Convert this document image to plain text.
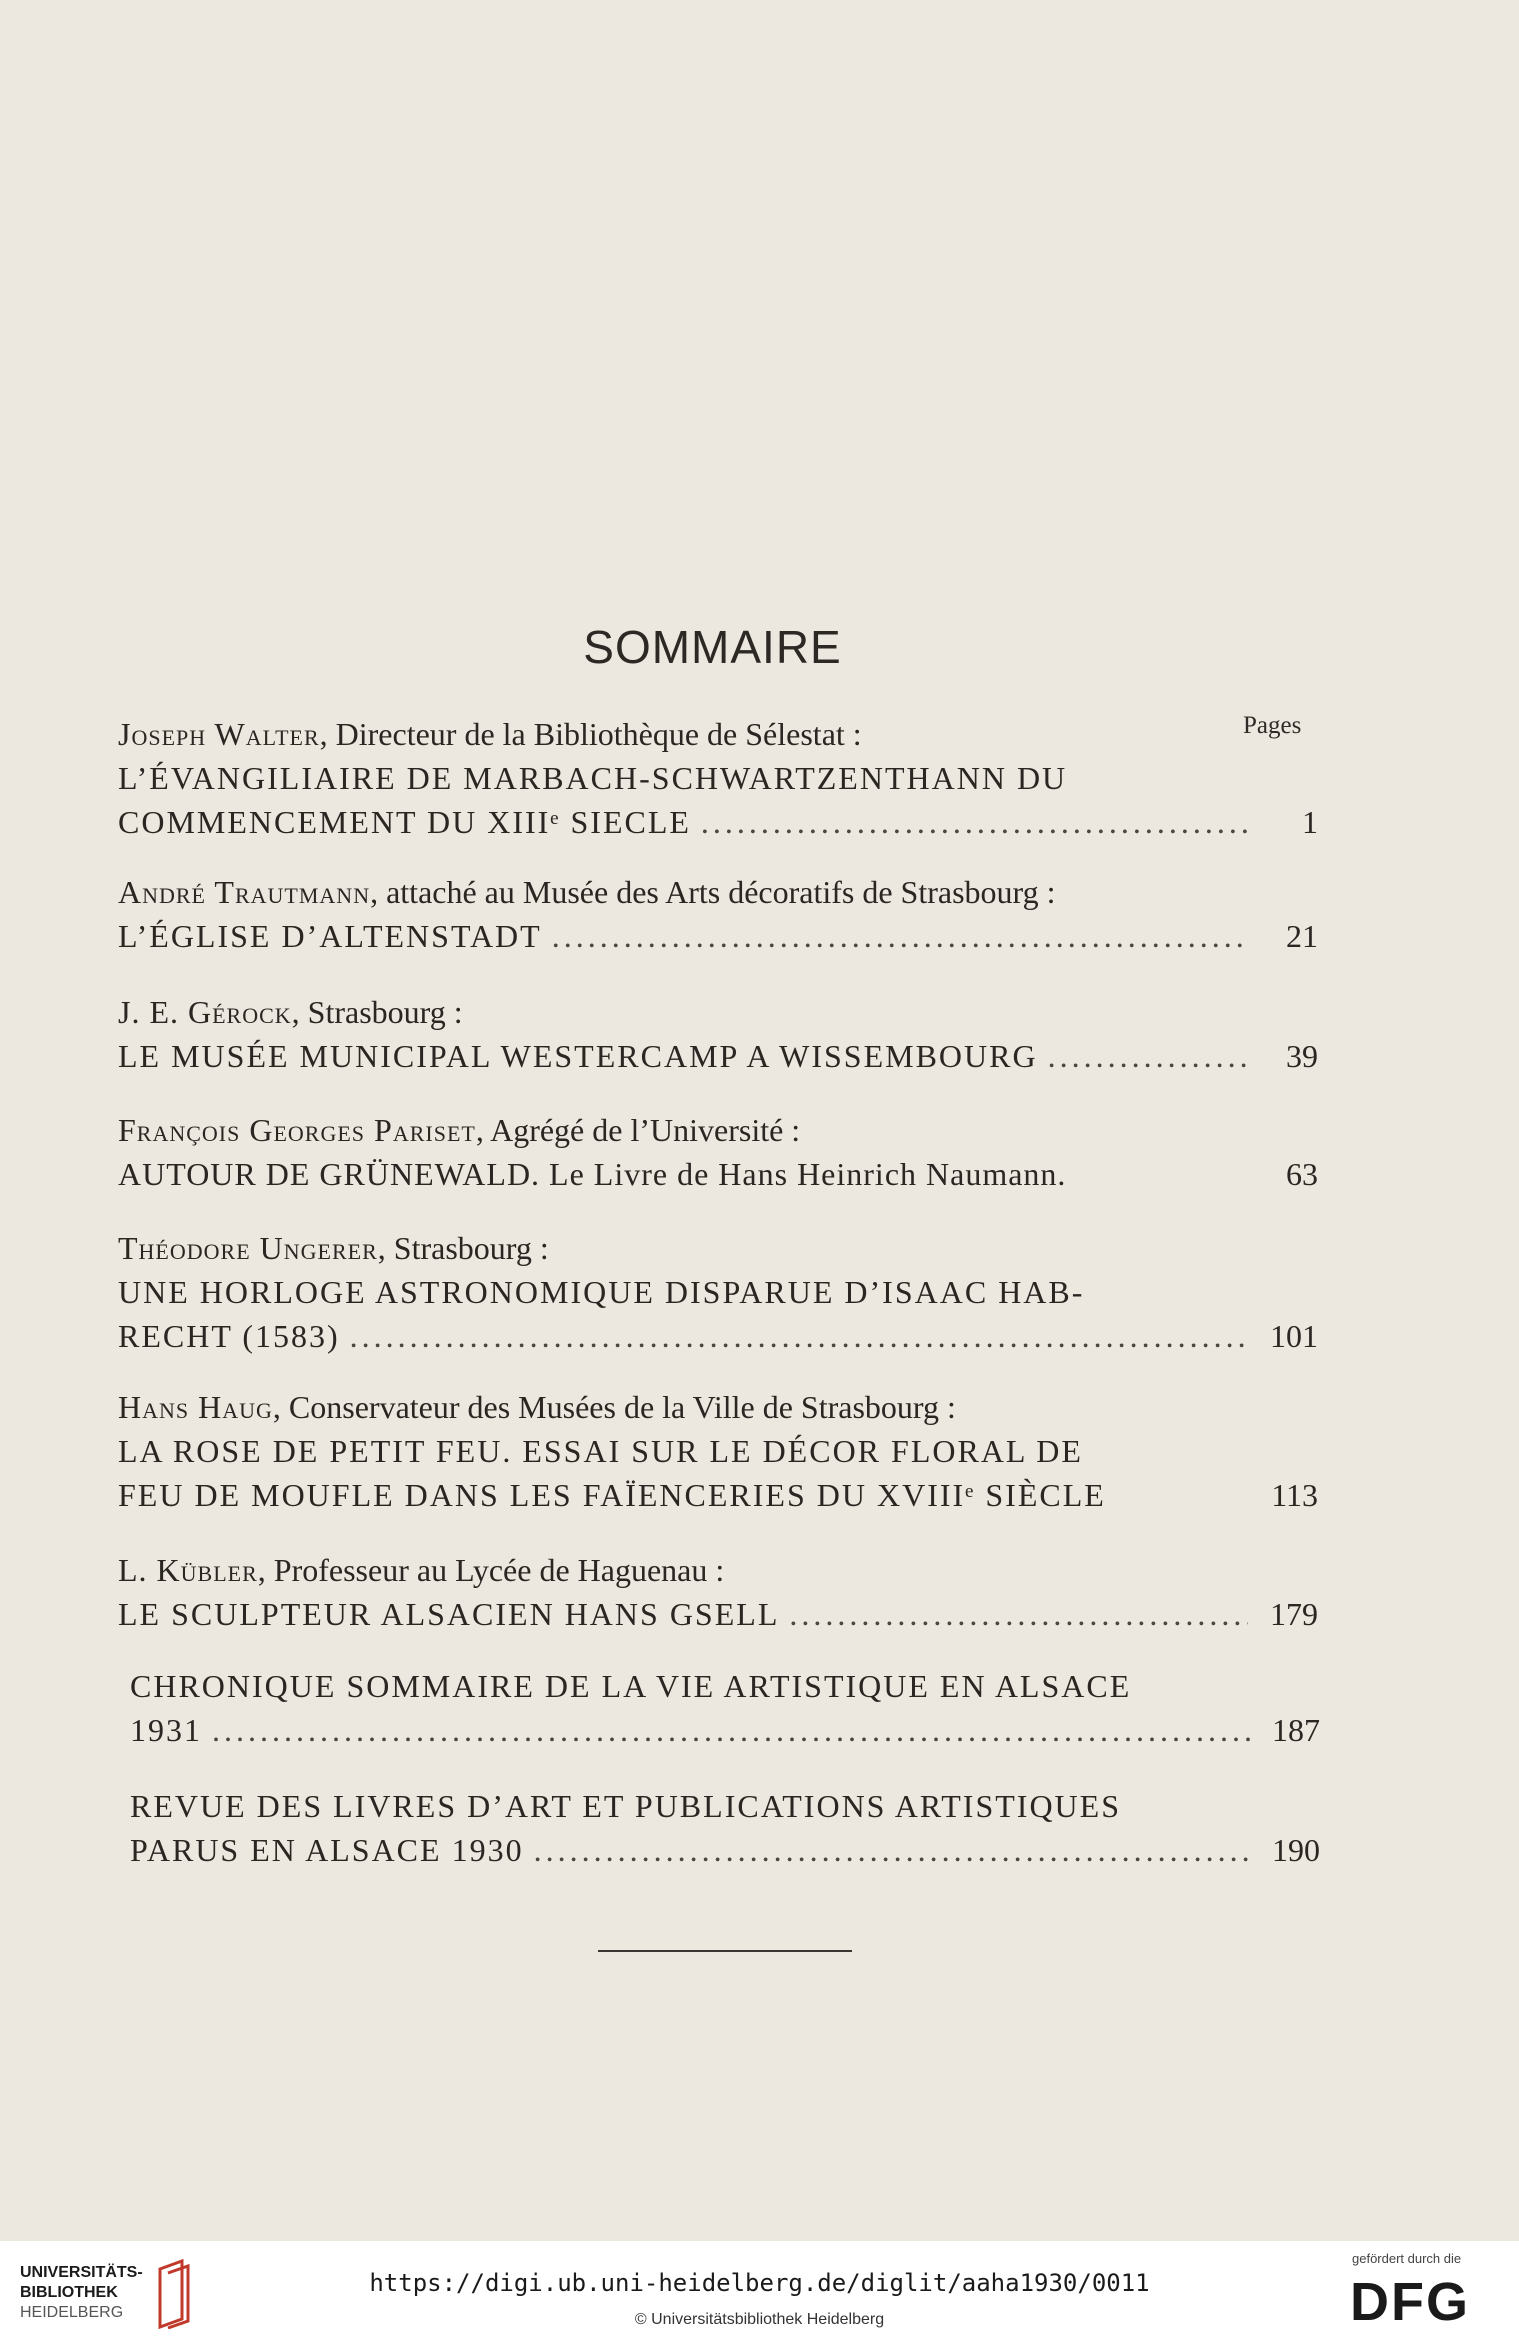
SOMMAIRE
Pages
Joseph Walter, Directeur de la Bibliothèque de Sélestat :
L’ÉVANGILIAIRE DE MARBACH-SCHWARTZENTHANN DU
COMMENCEMENT DU XIIIᵉ SIECLE . . .	1
André Trautmann, attaché au Musée des Arts décoratifs de Strasbourg :
L’ÉGLISE D’ALTENSTADT . . .	21
J. E. Gérock, Strasbourg :
LE MUSÉE MUNICIPAL WESTERCAMP A WISSEMBOURG . . .	39
François Georges Pariset, Agrégé de l’Université :
AUTOUR DE GRÜNEWALD. Le Livre de Hans Heinrich Naumann.	63
Théodore Ungerer, Strasbourg :
UNE HORLOGE ASTRONOMIQUE DISPARUE D’ISAAC HAB-
RECHT (1583) . . .	101
Hans Haug, Conservateur des Musées de la Ville de Strasbourg :
LA ROSE DE PETIT FEU. ESSAI SUR LE DÉCOR FLORAL DE
FEU DE MOUFLE DANS LES FAÏENCERIES DU XVIIIᵉ SIÈCLE	113
L. Kübler, Professeur au Lycée de Haguenau :
LE SCULPTEUR ALSACIEN HANS GSELL . . .	179
CHRONIQUE SOMMAIRE DE LA VIE ARTISTIQUE EN ALSACE
1931 . . .	187
REVUE DES LIVRES D’ART ET PUBLICATIONS ARTISTIQUES
PARUS EN ALSACE 1930 . . .	190
UNIVERSITÄTS-
BIBLIOTHEK
HEIDELBERG
https://digi.ub.uni-heidelberg.de/diglit/aaha1930/0011
© Universitätsbibliothek Heidelberg
gefördert durch die
DFG
